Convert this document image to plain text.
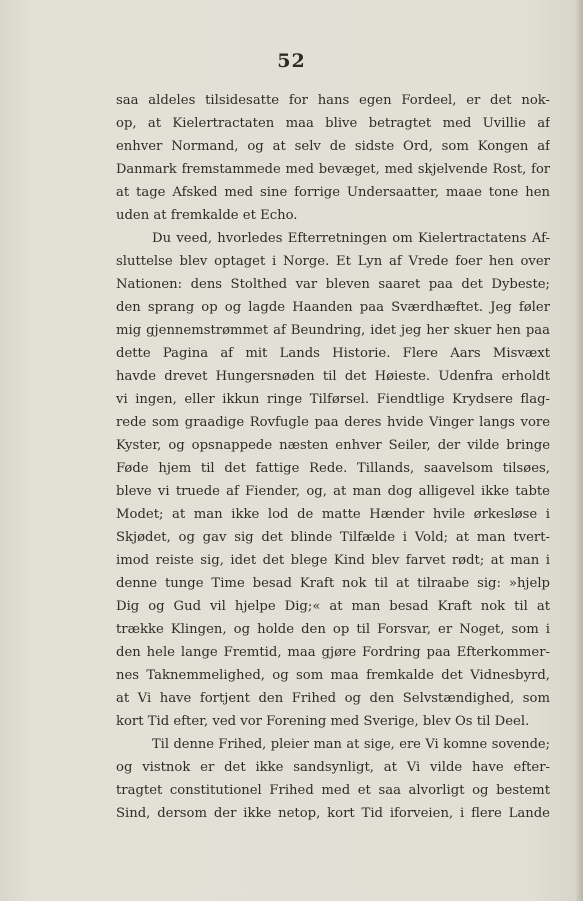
52
saa aldeles tilsidesatte for hans egen Fordeel, er det nok-
op, at Kielertractaten maa blive betragtet med Uvillie af
enhver Normand, og at selv de sidste Ord, som Kongen af
Danmark fremstammede med bevæget, med skjelvende Rost, for
at tage Afsked med sine forrige Undersaatter, maae tone hen
uden at fremkalde et Echo.
Du veed, hvorledes Efterretningen om Kielertractatens Af-
sluttelse blev optaget i Norge. Et Lyn af Vrede foer hen over
Nationen: dens Stolthed var bleven saaret paa det Dybeste;
den sprang op og lagde Haanden paa Sværdhæftet. Jeg føler
mig gjennemstrømmet af Beundring, idet jeg her skuer hen paa
dette Pagina af mit Lands Historie. Flere Aars Misvæxt
havde drevet Hungersnøden til det Høieste. Udenfra erholdt
vi ingen, eller ikkun ringe Tilførsel. Fiendtlige Krydsere flag-
rede som graadige Rovfugle paa deres hvide Vinger langs vore
Kyster, og opsnappede næsten enhver Seiler, der vilde bringe
Føde hjem til det fattige Rede. Tillands, saavelsom tilsøes,
bleve vi truede af Fiender, og, at man dog alligevel ikke tabte
Modet; at man ikke lod de matte Hænder hvile ørkesløse i
Skjødet, og gav sig det blinde Tilfælde i Vold; at man tvert-
imod reiste sig, idet det blege Kind blev farvet rødt; at man i
denne tunge Time besad Kraft nok til at tilraabe sig: »hjelp
Dig og Gud vil hjelpe Dig;« at man besad Kraft nok til at
trække Klingen, og holde den op til Forsvar, er Noget, som i
den hele lange Fremtid, maa gjøre Fordring paa Efterkommer-
nes Taknemmelighed, og som maa fremkalde det Vidnesbyrd,
at Vi have fortjent den Frihed og den Selvstændighed, som
kort Tid efter, ved vor Forening med Sverige, blev Os til Deel.
Til denne Frihed, pleier man at sige, ere Vi komne sovende;
og vistnok er det ikke sandsynligt, at Vi vilde have efter-
tragtet constitutionel Frihed med et saa alvorligt og bestemt
Sind, dersom der ikke netop, kort Tid iforveien, i flere Lande
